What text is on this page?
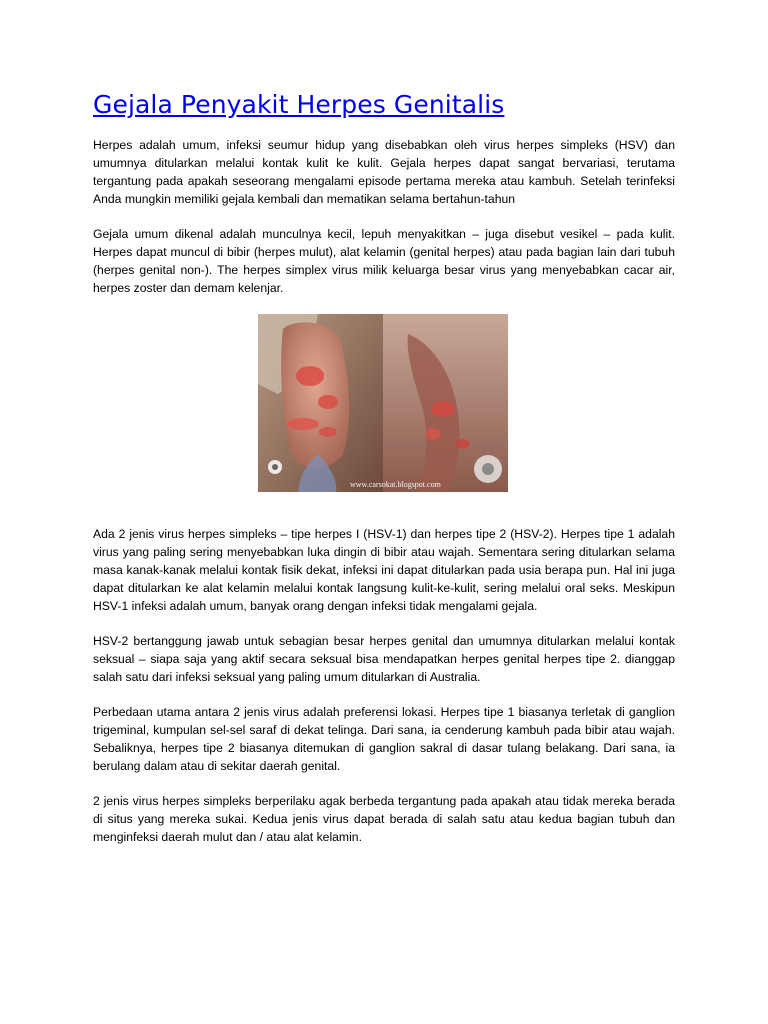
Gejala Penyakit Herpes Genitalis

Herpes adalah umum, infeksi seumur hidup yang disebabkan oleh virus herpes simpleks (HSV) dan umumnya ditularkan melalui kontak kulit ke kulit. Gejala herpes dapat sangat bervariasi, terutama tergantung pada apakah seseorang mengalami episode pertama mereka atau kambuh. Setelah terinfeksi Anda mungkin memiliki gejala kembali dan mematikan selama bertahun-tahun

Gejala umum dikenal adalah munculnya kecil, lepuh menyakitkan – juga disebut vesikel – pada kulit. Herpes dapat muncul di bibir (herpes mulut), alat kelamin (genital herpes) atau pada bagian lain dari tubuh (herpes genital non-). The herpes simplex virus milik keluarga besar virus yang menyebabkan cacar air, herpes zoster dan demam kelenjar.

www.carsokat.blogspot.com

Ada 2 jenis virus herpes simpleks – tipe herpes I (HSV-1) dan herpes tipe 2 (HSV-2). Herpes tipe 1 adalah virus yang paling sering menyebabkan luka dingin di bibir atau wajah. Sementara sering ditularkan selama masa kanak-kanak melalui kontak fisik dekat, infeksi ini dapat ditularkan pada usia berapa pun. Hal ini juga dapat ditularkan ke alat kelamin melalui kontak langsung kulit-ke-kulit, sering melalui oral seks. Meskipun HSV-1 infeksi adalah umum, banyak orang dengan infeksi tidak mengalami gejala.

HSV-2 bertanggung jawab untuk sebagian besar herpes genital dan umumnya ditularkan melalui kontak seksual – siapa saja yang aktif secara seksual bisa mendapatkan herpes genital herpes tipe 2. dianggap salah satu dari infeksi seksual yang paling umum ditularkan di Australia.

Perbedaan utama antara 2 jenis virus adalah preferensi lokasi. Herpes tipe 1 biasanya terletak di ganglion trigeminal, kumpulan sel-sel saraf di dekat telinga. Dari sana, ia cenderung kambuh pada bibir atau wajah. Sebaliknya, herpes tipe 2 biasanya ditemukan di ganglion sakral di dasar tulang belakang. Dari sana, ia berulang dalam atau di sekitar daerah genital.

2 jenis virus herpes simpleks berperilaku agak berbeda tergantung pada apakah atau tidak mereka berada di situs yang mereka sukai. Kedua jenis virus dapat berada di salah satu atau kedua bagian tubuh dan menginfeksi daerah mulut dan / atau alat kelamin.
